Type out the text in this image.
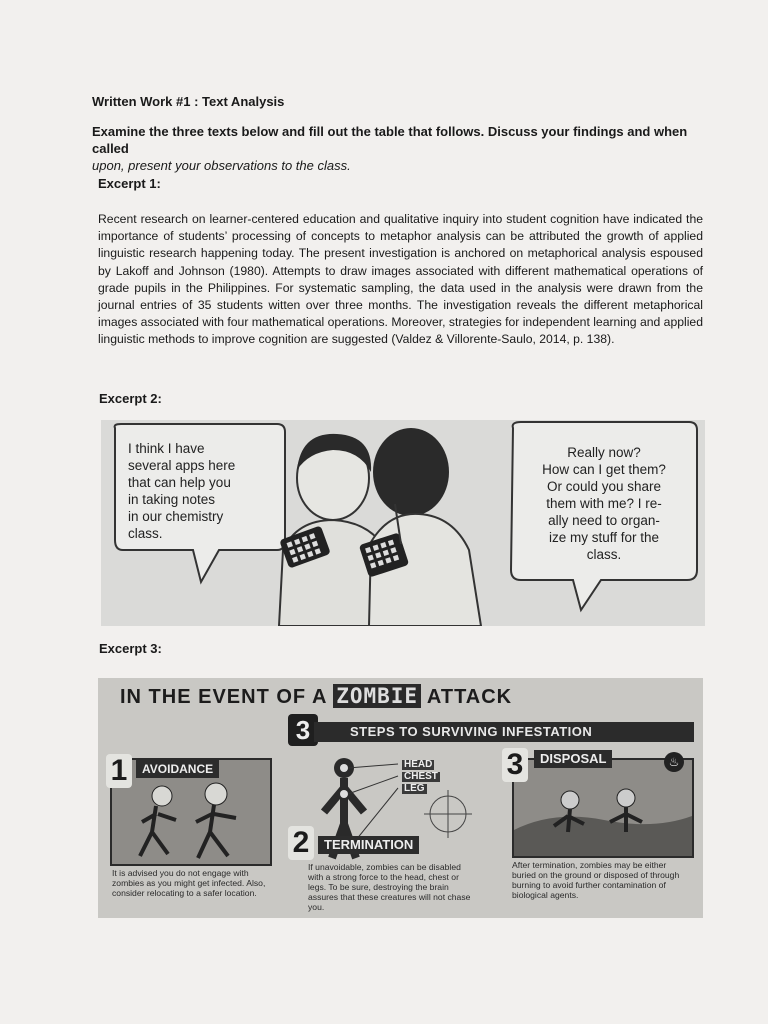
Written Work #1 : Text Analysis
Examine the three texts below and fill out the table that follows. Discuss your findings and when called
upon, present your observations to the class.
Excerpt 1:
Recent research on learner-centered education and qualitative inquiry into student cognition have indicated the importance of students’ processing of concepts to metaphor analysis can be attributed the growth of applied linguistic research happening today. The present investigation is anchored on metaphorical analysis espoused by Lakoff and Johnson (1980). Attempts to draw images associated with different mathematical operations of grade pupils in the Philippines. For systematic sampling, the data used in the analysis were drawn from the journal entries of 35 students witten over three months. The investigation reveals the different metaphorical images associated with four mathematical operations. Moreover, strategies for independent learning and applied linguistic methods to improve cognition are suggested (Valdez & Villorente-Saulo, 2014, p. 138).
Excerpt 2:
I think I have
several apps here
that can help you
in taking notes
in our chemistry
class.
Really now?
How can I get them?
Or could you share
them with me? I re-
ally need to organ-
ize my stuff for the
class.
Excerpt 3:
IN THE EVENT OF A ZOMBIE ATTACK
3	STEPS TO SURVIVING INFESTATION
1	AVOIDANCE
It is advised you do not engage with zombies as you might get infected. Also, consider relocating to a safer location.
HEAD
CHEST
LEG
2	TERMINATION
If unavoidable, zombies can be disabled with a strong force to the head, chest or legs. To be sure, destroying the brain assures that these creatures will not chase you.
3	DISPOSAL	♨
After termination, zombies may be either buried on the ground or disposed of through burning to avoid further contamination of biological agents.
